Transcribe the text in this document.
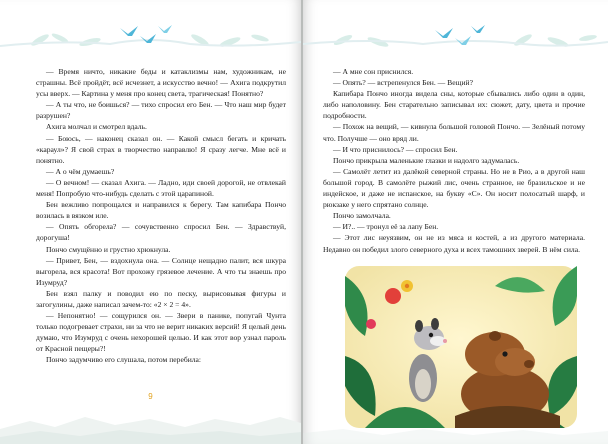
— Время ничто, никакие беды и катаклизмы нам, художникам, не страшны. Всё пройдёт, всё исчезнет, а искусство вечно! — Ахига подкрутил усы вверх. — Картина у меня про конец света, трагическая! Понятно?

— А ты что, не боишься? — тихо спросил его Бен. — Что наш мир будет разрушен?

Ахига молчал и смотрел вдаль.

— Боюсь, — наконец сказал он. — Какой смысл бегать и кричать «караул»? Я свой страх в творчество направлю! Я сразу легче. Мне всё и понятно.

— А о чём думаешь?

— О вечном! — сказал Ахига. — Ладно, иди своей дорогой, не отвлекай меня! Попробую что-нибудь сделать с этой царапиной.

Бен вежливо попрощался и направился к берегу. Там капибара Пончо возилась в вязком иле.

— Опять обгорела? — сочувственно спросил Бен. — Здравствуй, дорогуша!

Пончо смущённо и грустно хрюкнула.

— Привет, Бен, — вздохнула она. — Солнце нещадно палит, вся шкура выгорела, вся красота! Вот прохожу грязевое лечение. А что ты знаешь про Изумруд?

Бен взял палку и поводил ею по песку, вырисовывая фигуры и загогулины, даже написал зачем-то: «2 × 2 = 4».

— Непонятно! — сощурился он. — Звери в панике, попугай Чунта только подогревает страхи, ни за что не верит никаких версий! Я целый день думаю, что Изумруд с очень нехорошей целью. И как этот вор узнал пароль от Красной пещеры?!

Пончо задумчиво его слушала, потом перебила:

9

— А мне сон приснился.

— Опять? — встрепенулся Бен. — Вещий?

Капибара Пончо иногда видела сны, которые сбывались либо один в один, либо наполовину. Бен старательно записывал их: сюжет, дату, цвета и прочие подробности.

— Похож на вещий, — кивнула большой головой Пончо. — Зелёный потому что. Получше — оно вряд ли.

— И что приснилось? — спросил Бен.

Пончо прикрыла маленькие глазки и надолго задумалась.

— Самолёт летит из далёкой северной страны. Но не в Рио, а в другой наш большой город. В самолёте рыжий лис, очень странное, не бразильское и не индейское, и даже не испанское, на букву «С». Он носит полосатый шарф, и рюкзаке у него спрятано солнце.

Пончо замолчала.

— И?.. — тронул её за лапу Бен.

— Этот лис неуязвим, он не из мяса и костей, а из другого материала. Недавно он победил злого северного духа и всех тамошних зверей. В нём сила.
